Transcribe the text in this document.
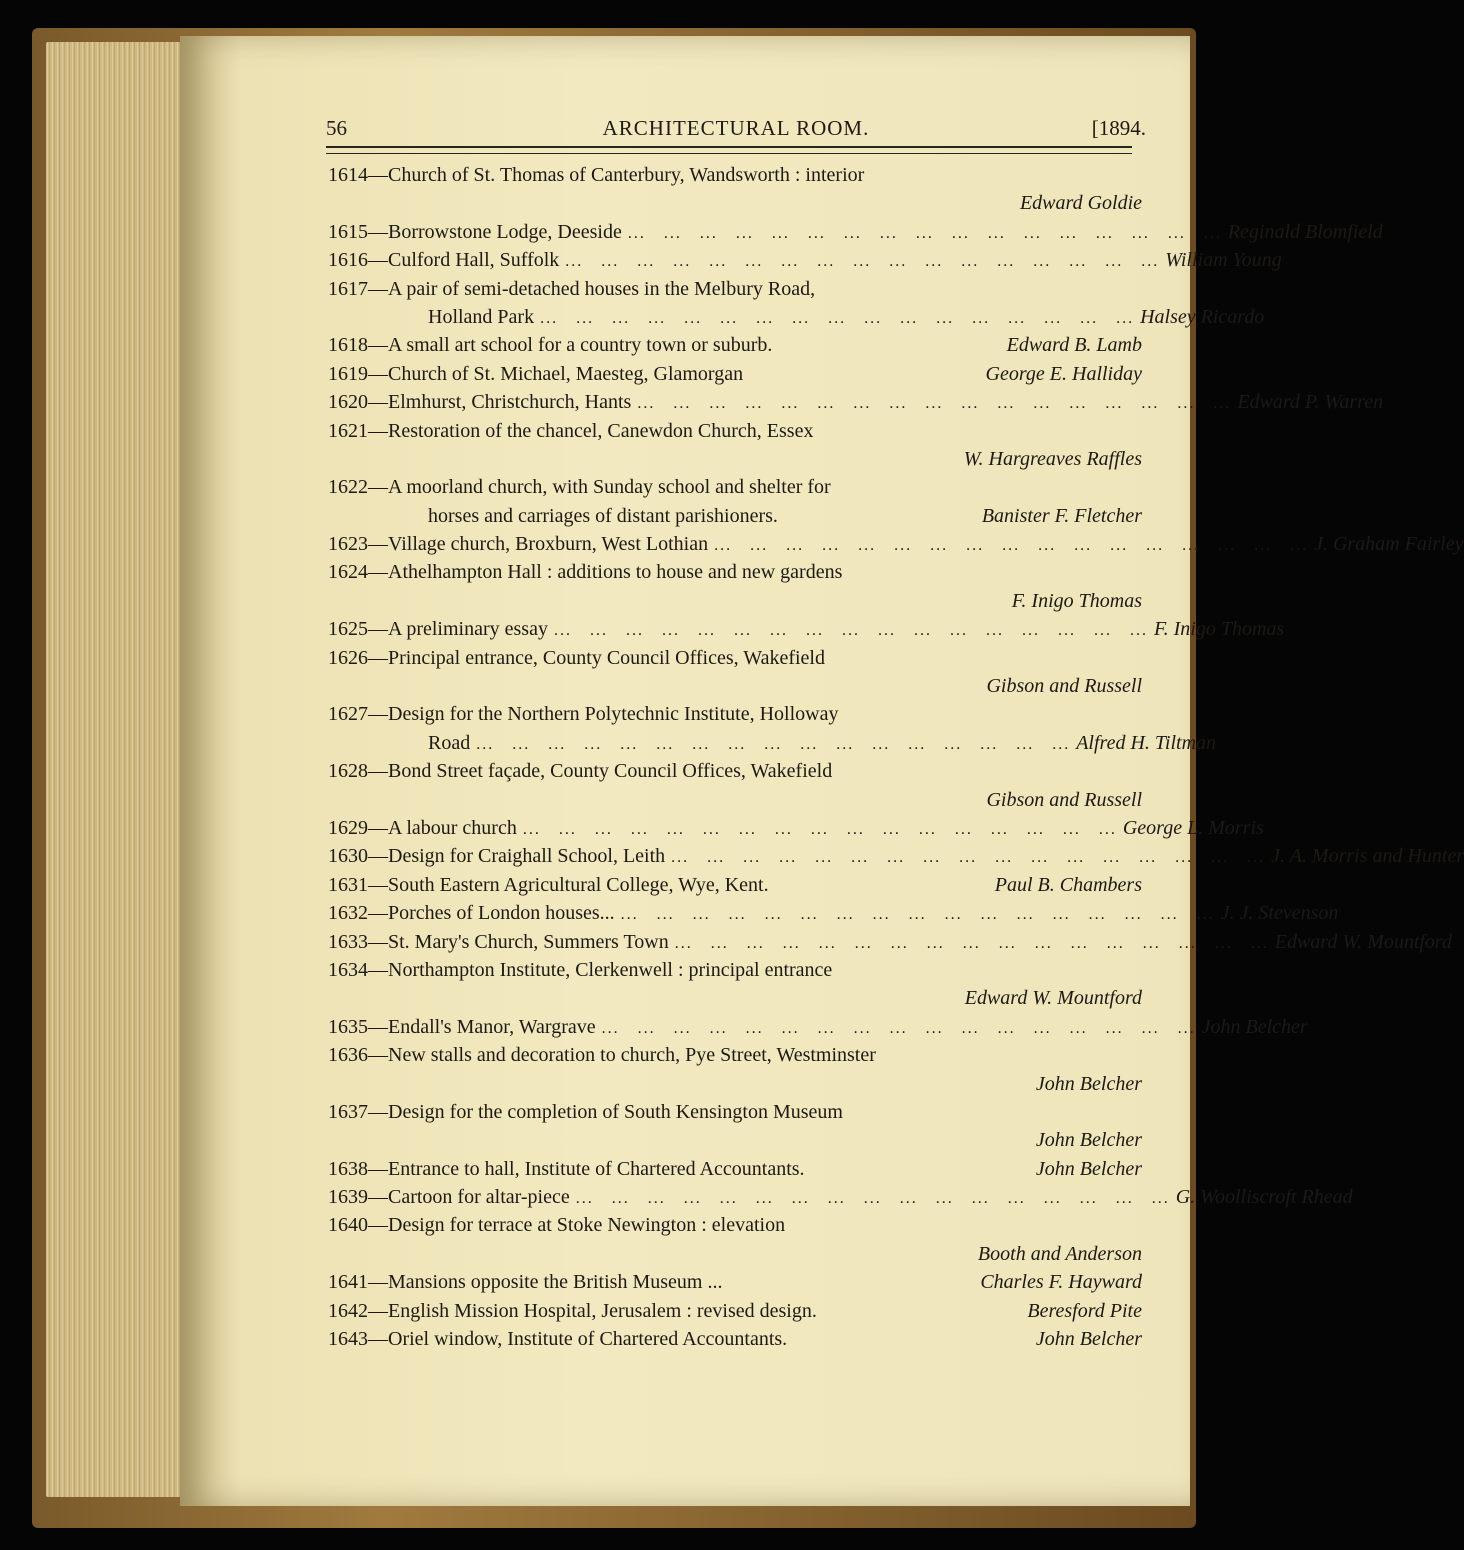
56	ARCHITECTURAL ROOM.	[1894.
1614—Church of St. Thomas of Canterbury, Wandsworth : interior
Edward Goldie
1615—Borrowstone Lodge, Deeside ...	Reginald Blomfield
1616—Culford Hall, Suffolk ...	William Young
1617—A pair of semi-detached houses in the Melbury Road,
Holland Park ...	Halsey Ricardo
1618—A small art school for a country town or suburb.	Edward B. Lamb
1619—Church of St. Michael, Maesteg, Glamorgan	George E. Halliday
1620—Elmhurst, Christchurch, Hants ...	Edward P. Warren
1621—Restoration of the chancel, Canewdon Church, Essex
W. Hargreaves Raffles
1622—A moorland church, with Sunday school and shelter for
horses and carriages of distant parishioners.	Banister F. Fletcher
1623—Village church, Broxburn, West Lothian ...	J. Graham Fairley
1624—Athelhampton Hall : additions to house and new gardens
F. Inigo Thomas
1625—A preliminary essay ...	F. Inigo Thomas
1626—Principal entrance, County Council Offices, Wakefield
Gibson and Russell
1627—Design for the Northern Polytechnic Institute, Holloway
Road ...	Alfred H. Tiltman
1628—Bond Street façade, County Council Offices, Wakefield
Gibson and Russell
1629—A labour church ...	George L. Morris
1630—Design for Craighall School, Leith ...	J. A. Morris and Hunter
1631—South Eastern Agricultural College, Wye, Kent.	Paul B. Chambers
1632—Porches of London houses... ...	J. J. Stevenson
1633—St. Mary's Church, Summers Town ...	Edward W. Mountford
1634—Northampton Institute, Clerkenwell : principal entrance
Edward W. Mountford
1635—Endall's Manor, Wargrave ...	John Belcher
1636—New stalls and decoration to church, Pye Street, Westminster
John Belcher
1637—Design for the completion of South Kensington Museum
John Belcher
1638—Entrance to hall, Institute of Chartered Accountants.	John Belcher
1639—Cartoon for altar-piece ...	G. Woolliscroft Rhead
1640—Design for terrace at Stoke Newington : elevation
Booth and Anderson
1641—Mansions opposite the British Museum ...	Charles F. Hayward
1642—English Mission Hospital, Jerusalem : revised design.	Beresford Pite
1643—Oriel window, Institute of Chartered Accountants.	John Belcher
